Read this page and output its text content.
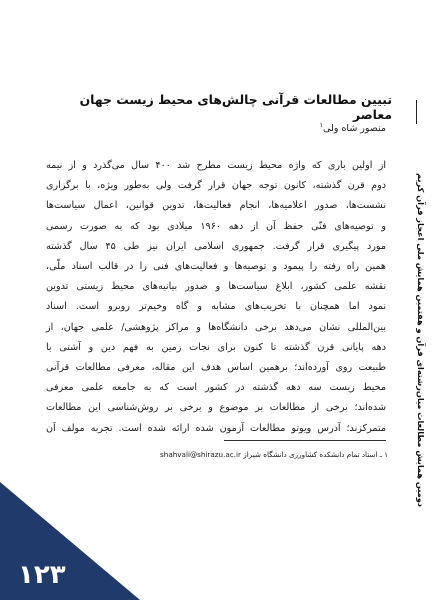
دومین همایش مطالعات میان‌رشته‌ای قرآن و هفتمین همایش ملی اعجاز قرآن کریم
تبیین مطالعات قرآنی چالش‌های محیط زیست جهان معاصر
منصور شاه ولی$^۱$

از اولین باری که واژه محیط زیست مطرح شد ۴۰۰ سال می‌گذرد و از نیمه

دوم قرن گذشته، کانون توجه جهان قرار گرفت ولی به‌طور ویژه، با برگزاری

نشست‌ها، صدور اعلامیه‌ها، انجام فعالیت‌ها، تدوین قوانین، اعمال سیاست‌ها

و توصیه‌های فنّی حفظ آن از دهه ۱۹۶۰ میلادی بود که به صورت رسمی

مورد پیگیری قرار گرفت. جمهوری اسلامی ایران نیز طی ۴۵ سال گذشته

همین راه رفته را پیمود و توصیه‌ها و فعالیت‌های فنی را در قالب اسناد ملّی،

نقشه علمی کشور، ابلاغ سیاست‌ها و صدور بیانیه‌های محیط زیستی تدوین

نمود اما همچنان با تخریب‌های مشابه و گاه وخیم‌تر روبرو است. اسناد

بین‌المللی نشان می‌دهد برخی دانشگاه‌ها و مراکز پژوهشی/ علمی جهان، از

دهه پایانی قرن گذشته تا کنون برای نجات زمین به فهم دین و آشتی با

طبیعت روی آورده‌اند؛ برهمین اساس هدف این مقاله، معرفی مطالعات قرآنی

محیط زیست سه دهه گذشته در کشور است که به جامعه علمی معرفی

شده‌اند؛ برخی از مطالعات بر موضوع و برخی بر روش‌شناسی این مطالعات

متمرکزند؛ آدرس ویوتو مطالعات آزمون شده ارائه شده است. تجربه مولف آن

۱ ـ استاد تمام دانشکده کشاورزی دانشگاه شیراز shahvali@shirazu.ac.ir
۱۲۳
